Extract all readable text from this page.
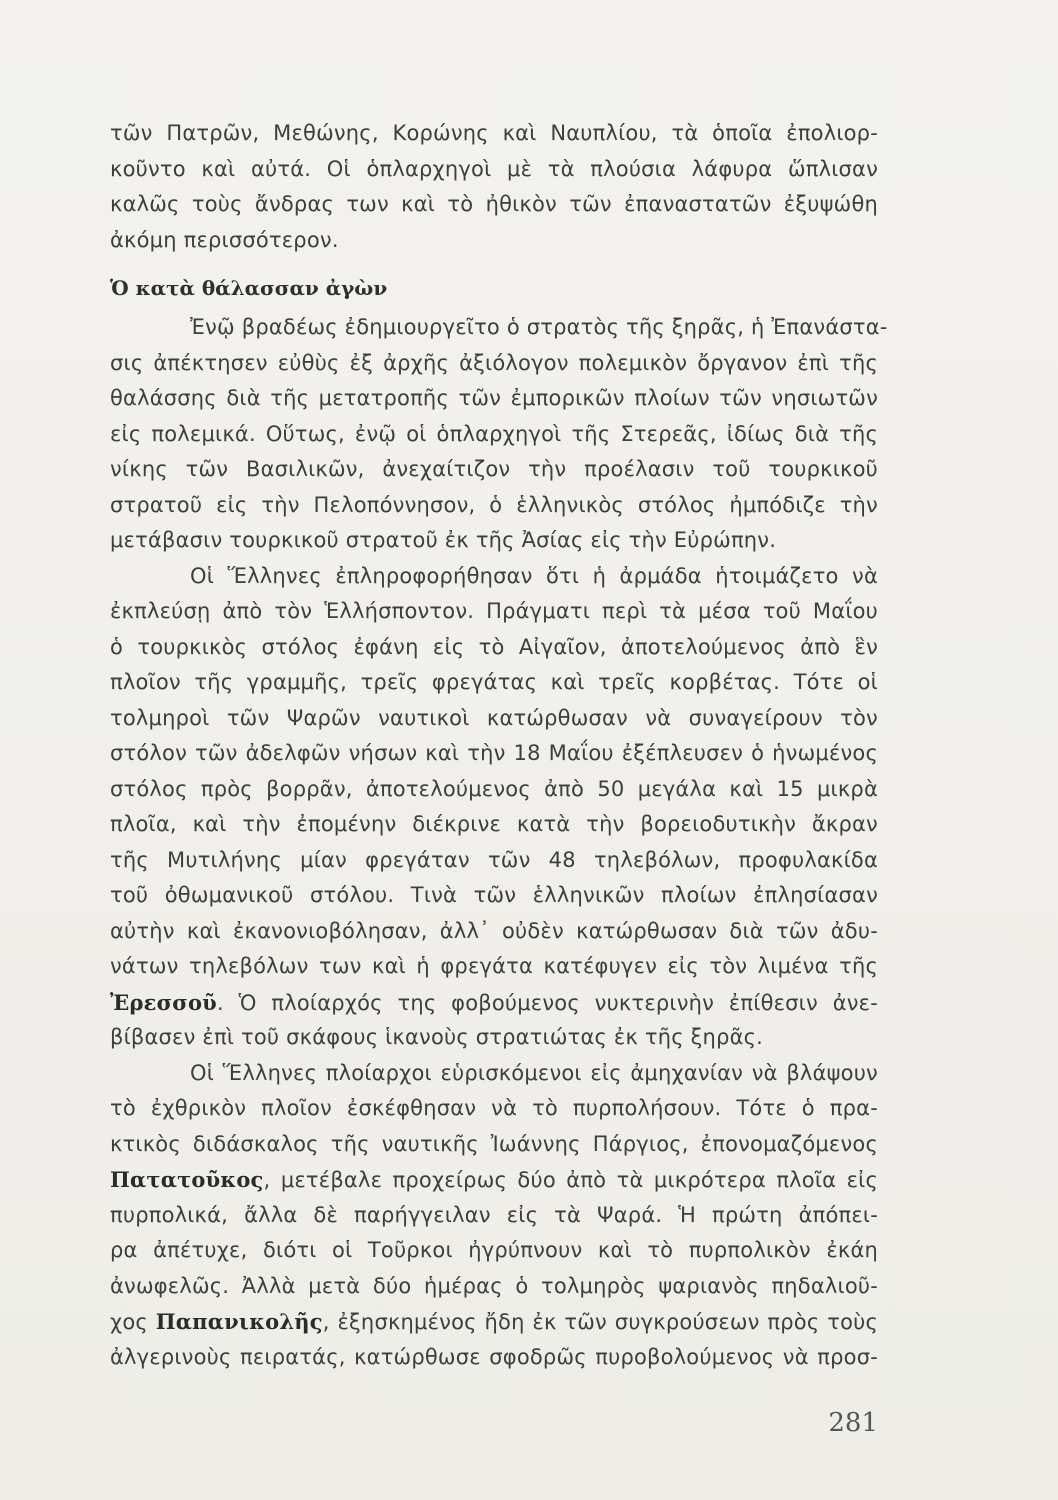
τῶν Πατρῶν, Μεθώνης, Κορώνης καὶ Ναυπλίου, τὰ ὁποῖα ἐπολιορ-
κοῦντο καὶ αὐτά. Οἱ ὁπλαρχηγοὶ μὲ τὰ πλούσια λάφυρα ὥπλισαν
καλῶς τοὺς ἄνδρας των καὶ τὸ ἠθικὸν τῶν ἐπαναστατῶν ἐξυψώθη
ἀκόμη περισσότερον.
Ὁ κατὰ θάλασσαν ἀγὼν
Ἐνῷ βραδέως ἐδημιουργεῖτο ὁ στρατὸς τῆς ξηρᾶς, ἡ Ἐπανάστα-
σις ἀπέκτησεν εὐθὺς ἐξ ἀρχῆς ἀξιόλογον πολεμικὸν ὄργανον ἐπὶ τῆς
θαλάσσης διὰ τῆς μετατροπῆς τῶν ἐμπορικῶν πλοίων τῶν νησιωτῶν
εἰς πολεμικά. Οὕτως, ἐνῷ οἱ ὁπλαρχηγοὶ τῆς Στερεᾶς, ἰδίως διὰ τῆς
νίκης τῶν Βασιλικῶν, ἀνεχαίτιζον τὴν προέλασιν τοῦ τουρκικοῦ
στρατοῦ εἰς τὴν Πελοπόννησον, ὁ ἑλληνικὸς στόλος ἠμπόδιζε τὴν
μετάβασιν τουρκικοῦ στρατοῦ ἐκ τῆς Ἀσίας εἰς τὴν Εὐρώπην.
Οἱ Ἕλληνες ἐπληροφορήθησαν ὅτι ἡ ἀρμάδα ἡτοιμάζετο νὰ
ἐκπλεύσῃ ἀπὸ τὸν Ἑλλήσποντον. Πράγματι περὶ τὰ μέσα τοῦ Μαΐου
ὁ τουρκικὸς στόλος ἐφάνη εἰς τὸ Αἰγαῖον, ἀποτελούμενος ἀπὸ ἓν
πλοῖον τῆς γραμμῆς, τρεῖς φρεγάτας καὶ τρεῖς κορβέτας. Τότε οἱ
τολμηροὶ τῶν Ψαρῶν ναυτικοὶ κατώρθωσαν νὰ συναγείρουν τὸν
στόλον τῶν ἀδελφῶν νήσων καὶ τὴν 18 Μαΐου ἐξέπλευσεν ὁ ἡνωμένος
στόλος πρὸς βορρᾶν, ἀποτελούμενος ἀπὸ 50 μεγάλα καὶ 15 μικρὰ
πλοῖα, καὶ τὴν ἐπομένην διέκρινε κατὰ τὴν βορειοδυτικὴν ἄκραν
τῆς Μυτιλήνης μίαν φρεγάταν τῶν 48 τηλεβόλων, προφυλακίδα
τοῦ ὀθωμανικοῦ στόλου. Τινὰ τῶν ἑλληνικῶν πλοίων ἐπλησίασαν
αὐτὴν καὶ ἐκανονιοβόλησαν, ἀλλ᾿ οὐδὲν κατώρθωσαν διὰ τῶν ἀδυ-
νάτων τηλεβόλων των καὶ ἡ φρεγάτα κατέφυγεν εἰς τὸν λιμένα τῆς
Ἐρεσσοῦ. Ὁ πλοίαρχός της φοβούμενος νυκτερινὴν ἐπίθεσιν ἀνε-
βίβασεν ἐπὶ τοῦ σκάφους ἱκανοὺς στρατιώτας ἐκ τῆς ξηρᾶς.
Οἱ Ἕλληνες πλοίαρχοι εὑρισκόμενοι εἰς ἀμηχανίαν νὰ βλάψουν
τὸ ἐχθρικὸν πλοῖον ἐσκέφθησαν νὰ τὸ πυρπολήσουν. Τότε ὁ πρα-
κτικὸς διδάσκαλος τῆς ναυτικῆς Ἰωάννης Πάργιος, ἐπονομαζόμενος
Πατατοῦκος, μετέβαλε προχείρως δύο ἀπὸ τὰ μικρότερα πλοῖα εἰς
πυρπολικά, ἄλλα δὲ παρήγγειλαν εἰς τὰ Ψαρά. Ἡ πρώτη ἀπόπει-
ρα ἀπέτυχε, διότι οἱ Τοῦρκοι ἠγρύπνουν καὶ τὸ πυρπολικὸν ἐκάη
ἀνωφελῶς. Ἀλλὰ μετὰ δύο ἡμέρας ὁ τολμηρὸς ψαριανὸς πηδαλιοῦ-
χος Παπανικολῆς, ἐξησκημένος ἤδη ἐκ τῶν συγκρούσεων πρὸς τοὺς
ἀλγερινοὺς πειρατάς, κατώρθωσε σφοδρῶς πυροβολούμενος νὰ προσ-
281
